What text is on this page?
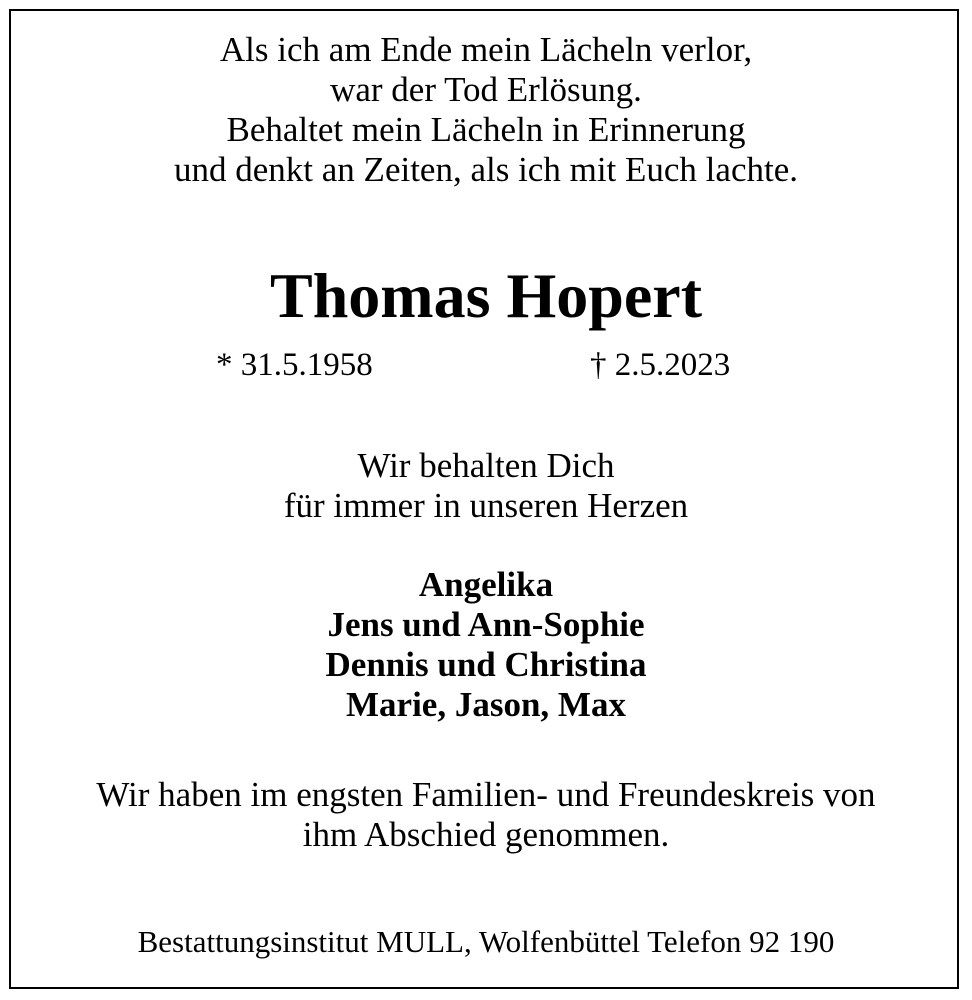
Als ich am Ende mein Lächeln verlor,
war der Tod Erlösung.
Behaltet mein Lächeln in Erinnerung
und denkt an Zeiten, als ich mit Euch lachte.
Thomas Hopert
* 31.5.1958	† 2.5.2023
Wir behalten Dich
für immer in unseren Herzen
Angelika
Jens und Ann-Sophie
Dennis und Christina
Marie, Jason, Max
Wir haben im engsten Familien- und Freundeskreis von
ihm Abschied genommen.
Bestattungsinstitut MULL, Wolfenbüttel Telefon 92 190
